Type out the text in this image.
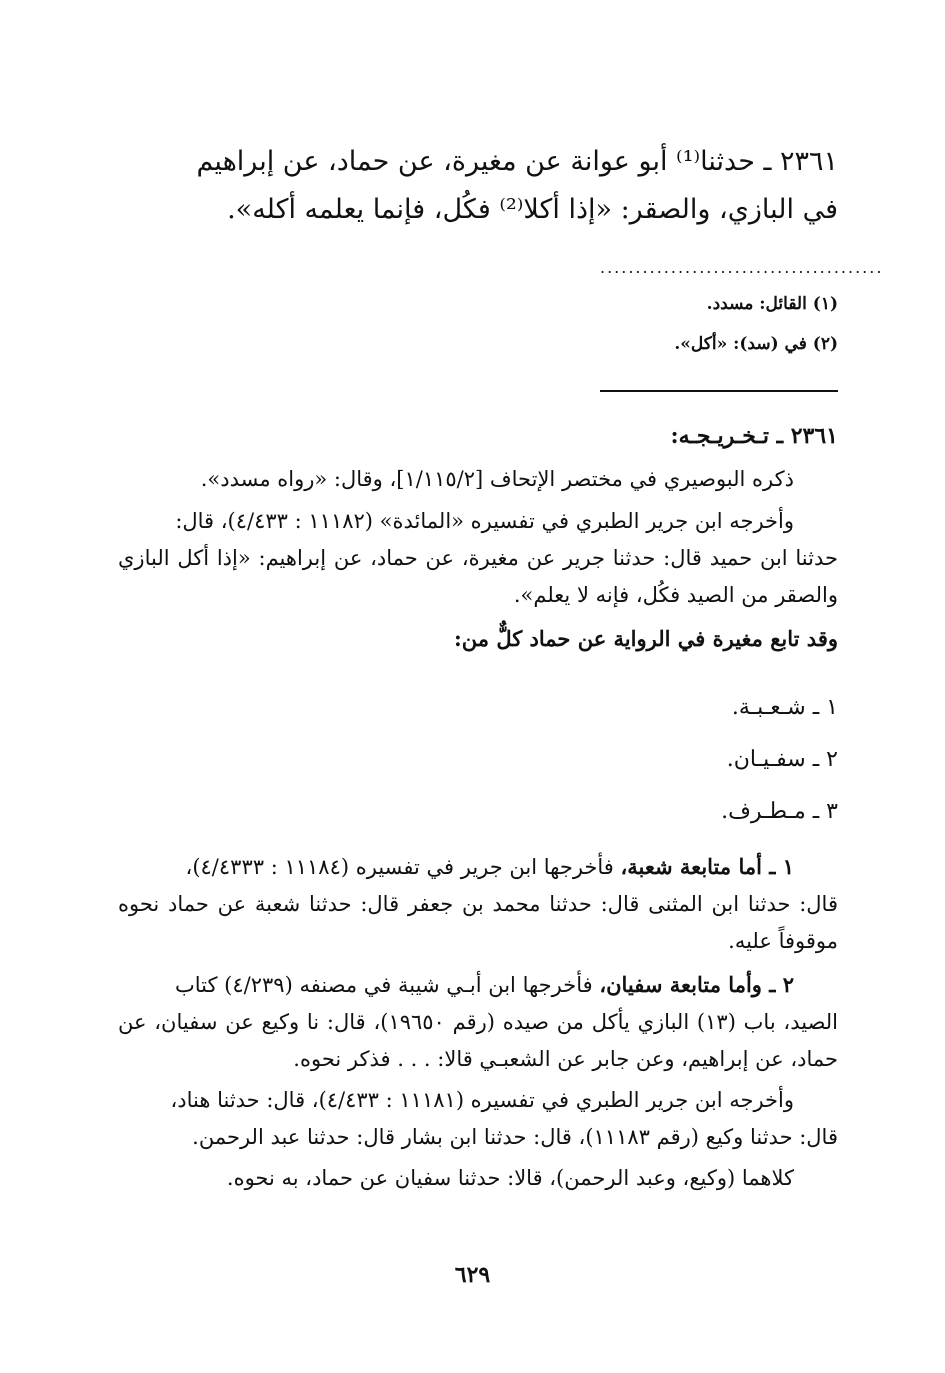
٢٣٦١ ـ حدثنا⁽¹⁾ أبو عوانة عن مغيرة، عن حماد، عن إبراهيم

في البازي، والصقر: «إذا أكلا⁽²⁾ فكُل، فإنما يعلمه أكله».

........................................
(١) القائل: مسدد.
(٢) في (سد): «أكل».

٢٣٦١ ـ تـخـريـجـه:

ذكره البوصيري في مختصر الإتحاف [١/١١٥/٢]، وقال: «رواه مسدد».

وأخرجه ابن جرير الطبري في تفسيره «المائدة» (١١١٨٢ : ٤/٤٣٣)، قال:

حدثنا ابن حميد قال: حدثنا جرير عن مغيرة، عن حماد، عن إبراهيم: «إذا أكل البازي والصقر من الصيد فكُل، فإنه لا يعلم».

وقد تابع مغيرة في الرواية عن حماد كلٌّ من:

١ ـ شـعـبـة.
٢ ـ سفـيـان.
٣ ـ مـطـرف.

١ ـ أما متابعة شعبة، فأخرجها ابن جرير في تفسيره (١١١٨٤ : ٤/٤٣٣٣)،

قال: حدثنا ابن المثنى قال: حدثنا محمد بن جعفر قال: حدثنا شعبة عن حماد نحوه موقوفاً عليه.

٢ ـ وأما متابعة سفيان، فأخرجها ابن أبـي شيبة في مصنفه (٤/٢٣٩) كتاب

الصيد، باب (١٣) البازي يأكل من صيده (رقم ١٩٦٥٠)، قال: نا وكيع عن سفيان، عن حماد، عن إبراهيم، وعن جابر عن الشعبـي قالا: . . . فذكر نحوه.

وأخرجه ابن جرير الطبري في تفسيره (١١١٨١ : ٤/٤٣٣)، قال: حدثنا هناد،

قال: حدثنا وكيع (رقم ١١١٨٣)، قال: حدثنا ابن بشار قال: حدثنا عبد الرحمن.

كلاهما (وكيع، وعبد الرحمن)، قالا: حدثنا سفيان عن حماد، به نحوه.

٦٢٩
